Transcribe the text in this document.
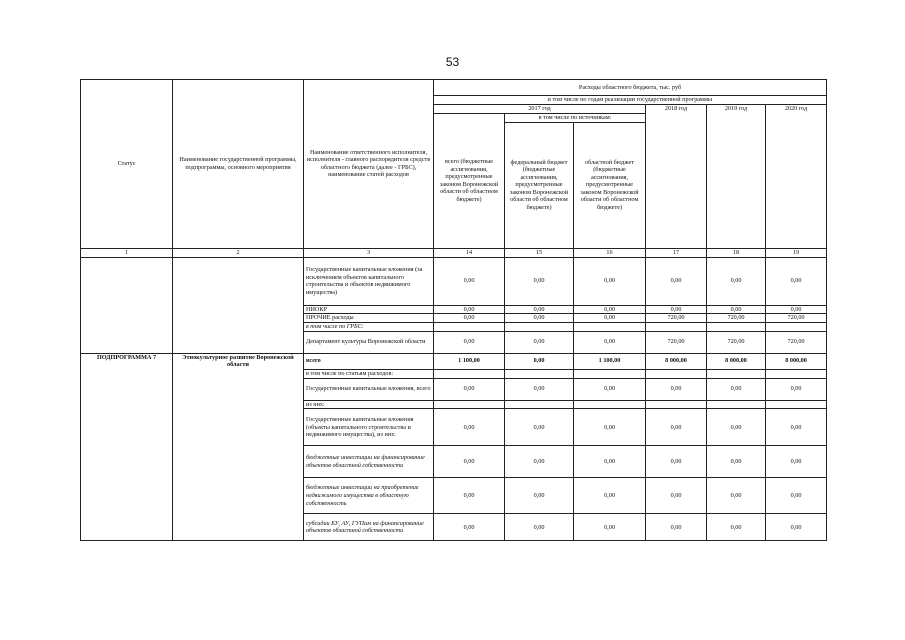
53
Статус	Наименование государственной программы, подпрограммы, основного мероприятия	Наименование ответственного исполнителя, исполнителя - главного распорядителя средств областного бюджета (далее - ГРБС), наименование статей расходов	Расходы областного бюджета, тыс. руб					
			в том числе по годам реализации государственной программы					
			2017 год			2018 год	2019 год	2020 год
			всего (бюджетные ассигнования, предусмотренные законом Воронежской области об областном бюджете)	в том числе по источникам:				
				федеральный бюджет (бюджетные ассигнования, предусмотренные законом Воронежской области об областном бюджете)	областной бюджет (бюджетные ассигнования, предусмотренные законом Воронежской области об областном бюджете)			
1	2	3	14	15	16	17	18	19
		Государственные капитальные вложения (за исключением объектов капитального строительства и объектов недвижимого имущества)	0,00	0,00	0,00	0,00	0,00	0,00
		НИОКР	0,00	0,00	0,00	0,00	0,00	0,00
		ПРОЧИЕ расходы	0,00	0,00	0,00	720,00	720,00	720,00
		в том числе по ГРБС:						
		Департамент культуры Воронежской области	0,00	0,00	0,00	720,00	720,00	720,00
ПОДПРОГРАММА 7	Этнокультурное развитие Воронежской области	всего	1 100,00	0,00	1 100,00	8 000,00	8 000,00	8 000,00
		в том числе по статьям расходов:						
		Государственные капитальные вложения, всего	0,00	0,00	0,00	0,00	0,00	0,00
		из них:						
		Государственные капитальные вложения (объекты капитального строительства и недвижимого имущества), из них:	0,00	0,00	0,00	0,00	0,00	0,00
		бюджетные инвестиции на финансирование объектов областной собственности	0,00	0,00	0,00	0,00	0,00	0,00
		бюджетные инвестиции на приобретение недвижимого имущества в областную собственность	0,00	0,00	0,00	0,00	0,00	0,00
		субсидии БУ, АУ, ГУПам на финансирование объектов областной собственности	0,00	0,00	0,00	0,00	0,00	0,00
